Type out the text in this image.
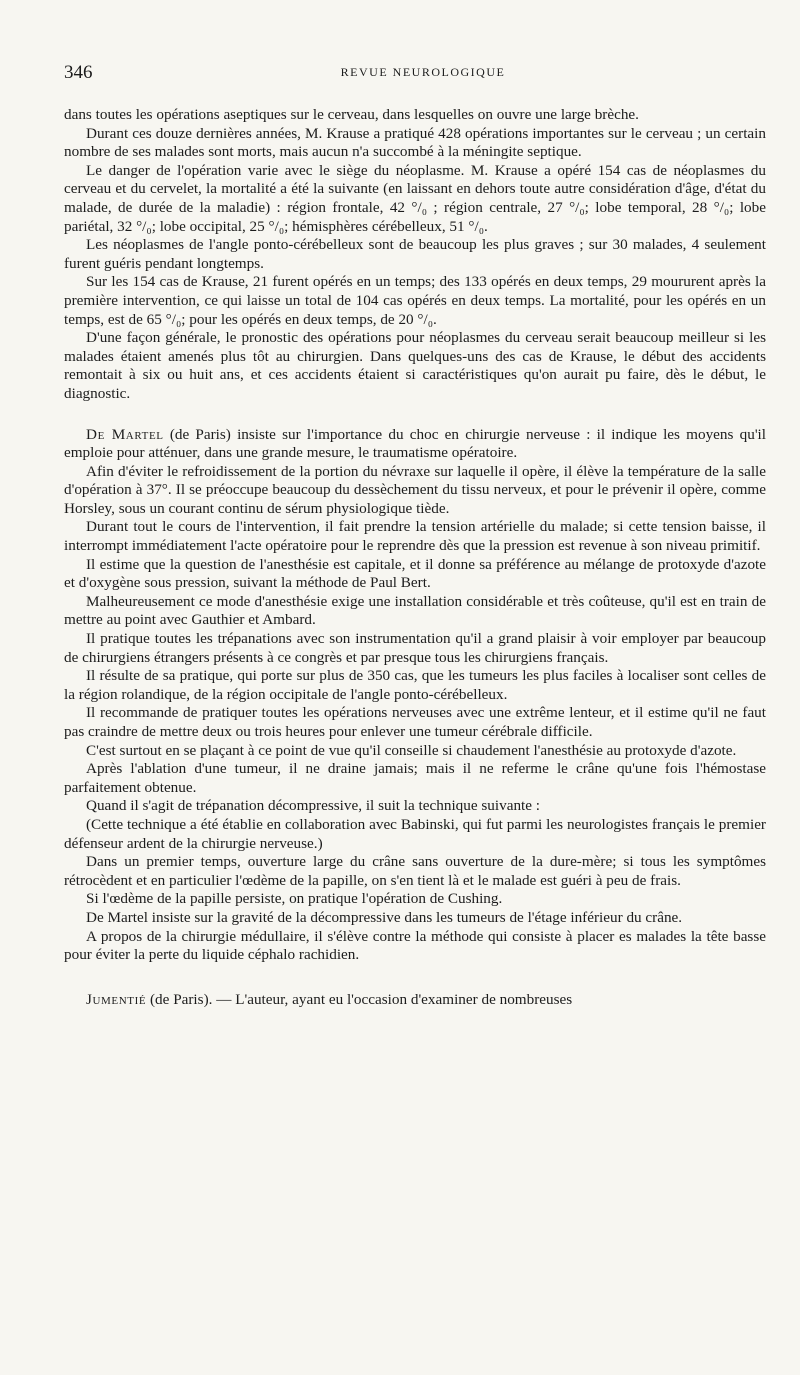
346	REVUE NEUROLOGIQUE

dans toutes les opérations aseptiques sur le cerveau, dans lesquelles on ouvre une large brèche.

Durant ces douze dernières années, M. Krause a pratiqué 428 opérations importantes sur le cerveau ; un certain nombre de ses malades sont morts, mais aucun n'a succombé à la méningite septique.

Le danger de l'opération varie avec le siège du néoplasme. M. Krause a opéré 154 cas de néoplasmes du cerveau et du cervelet, la mortalité a été la suivante (en laissant en dehors toute autre considération d'âge, d'état du malade, de durée de la maladie) : région frontale, 42 °/₀ ; région centrale, 27 °/₀; lobe temporal, 28 °/₀; lobe pariétal, 32 °/₀; lobe occipital, 25 °/₀; hémisphères cérébelleux, 51 °/₀.

Les néoplasmes de l'angle ponto-cérébelleux sont de beaucoup les plus graves ; sur 30 malades, 4 seulement furent guéris pendant longtemps.

Sur les 154 cas de Krause, 21 furent opérés en un temps; des 133 opérés en deux temps, 29 moururent après la première intervention, ce qui laisse un total de 104 cas opérés en deux temps. La mortalité, pour les opérés en un temps, est de 65 °/₀; pour les opérés en deux temps, de 20 °/₀.

D'une façon générale, le pronostic des opérations pour néoplasmes du cerveau serait beaucoup meilleur si les malades étaient amenés plus tôt au chirurgien. Dans quelques-uns des cas de Krause, le début des accidents remontait à six ou huit ans, et ces accidents étaient si caractéristiques qu'on aurait pu faire, dès le début, le diagnostic.

De Martel (de Paris) insiste sur l'importance du choc en chirurgie nerveuse : il indique les moyens qu'il emploie pour atténuer, dans une grande mesure, le traumatisme opératoire.

Afin d'éviter le refroidissement de la portion du névraxe sur laquelle il opère, il élève la température de la salle d'opération à 37°. Il se préoccupe beaucoup du dessèchement du tissu nerveux, et pour le prévenir il opère, comme Horsley, sous un courant continu de sérum physiologique tiède.

Durant tout le cours de l'intervention, il fait prendre la tension artérielle du malade; si cette tension baisse, il interrompt immédiatement l'acte opératoire pour le reprendre dès que la pression est revenue à son niveau primitif.

Il estime que la question de l'anesthésie est capitale, et il donne sa préférence au mélange de protoxyde d'azote et d'oxygène sous pression, suivant la méthode de Paul Bert.

Malheureusement ce mode d'anesthésie exige une installation considérable et très coûteuse, qu'il est en train de mettre au point avec Gauthier et Ambard.

Il pratique toutes les trépanations avec son instrumentation qu'il a grand plaisir à voir employer par beaucoup de chirurgiens étrangers présents à ce congrès et par presque tous les chirurgiens français.

Il résulte de sa pratique, qui porte sur plus de 350 cas, que les tumeurs les plus faciles à localiser sont celles de la région rolandique, de la région occipitale de l'angle ponto-cérébelleux.

Il recommande de pratiquer toutes les opérations nerveuses avec une extrême lenteur, et il estime qu'il ne faut pas craindre de mettre deux ou trois heures pour enlever une tumeur cérébrale difficile.

C'est surtout en se plaçant à ce point de vue qu'il conseille si chaudement l'anesthésie au protoxyde d'azote.

Après l'ablation d'une tumeur, il ne draine jamais; mais il ne referme le crâne qu'une fois l'hémostase parfaitement obtenue.

Quand il s'agit de trépanation décompressive, il suit la technique suivante :

(Cette technique a été établie en collaboration avec Babinski, qui fut parmi les neurologistes français le premier défenseur ardent de la chirurgie nerveuse.)

Dans un premier temps, ouverture large du crâne sans ouverture de la dure-mère; si tous les symptômes rétrocèdent et en particulier l'œdème de la papille, on s'en tient là et le malade est guéri à peu de frais.

Si l'œdème de la papille persiste, on pratique l'opération de Cushing.

De Martel insiste sur la gravité de la décompressive dans les tumeurs de l'étage inférieur du crâne.

A propos de la chirurgie médullaire, il s'élève contre la méthode qui consiste à placer es malades la tête basse pour éviter la perte du liquide céphalo rachidien.

Jumentié (de Paris). — L'auteur, ayant eu l'occasion d'examiner de nombreuses
